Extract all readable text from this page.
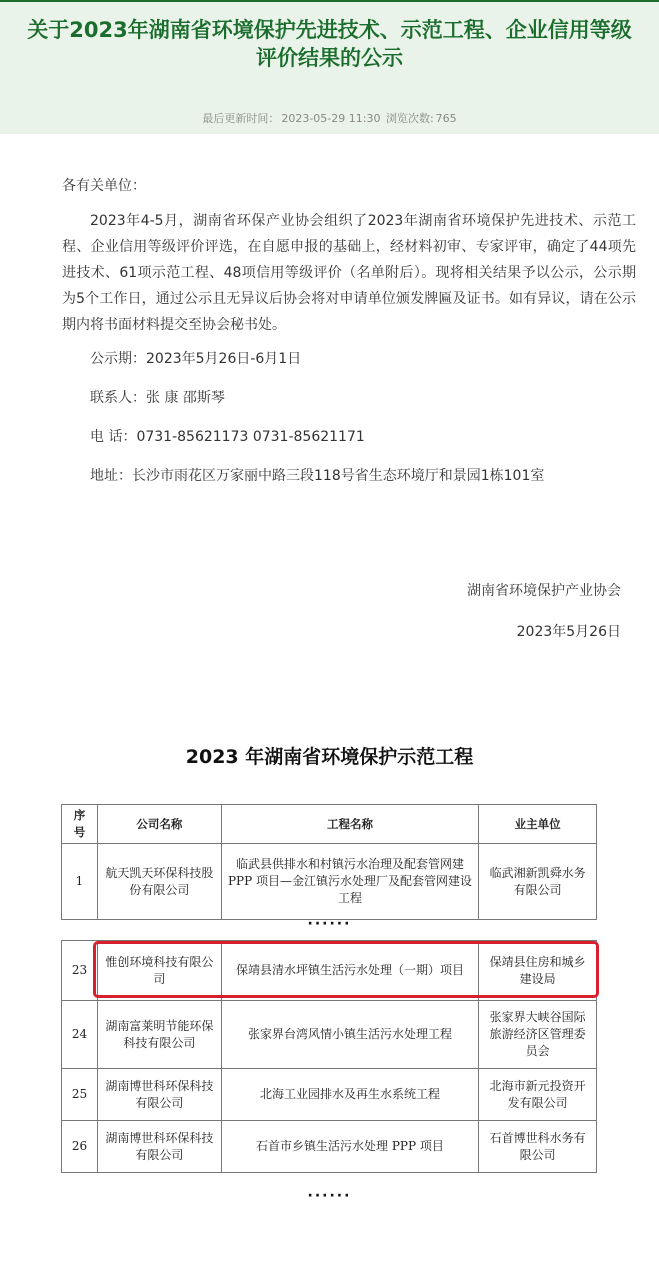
关于2023年湖南省环境保护先进技术、示范工程、企业信用等级评价结果的公示
最后更新时间： 2023-05-29 11:30 浏览次数: 765

各有关单位：

2023年4-5月，湖南省环保产业协会组织了2023年湖南省环境保护先进技术、示范工程、企业信用等级评价评选，在自愿申报的基础上，经材料初审、专家评审，确定了44项先进技术、61项示范工程、48项信用等级评价（名单附后）。现将相关结果予以公示，公示期为5个工作日，通过公示且无异议后协会将对申请单位颁发牌匾及证书。如有异议，请在公示期内将书面材料提交至协会秘书处。

公示期：2023年5月26日-6月1日

联系人：张 康 邵斯琴

电 话：0731-85621173 0731-85621171

地址：长沙市雨花区万家丽中路三段118号省生态环境厅和景园1栋101室

湖南省环境保护产业协会

2023年5月26日

2023 年湖南省环境保护示范工程
序号	公司名称	工程名称	业主单位
1	航天凯天环保科技股份有限公司	临武县供排水和村镇污水治理及配套管网建 PPP 项目—金江镇污水处理厂及配套管网建设工程	临武湘新凯舜水务有限公司
······
23	惟创环境科技有限公司	保靖县清水坪镇生活污水处理（一期）项目	保靖县住房和城乡建设局
24	湖南富莱明节能环保科技有限公司	张家界台湾风情小镇生活污水处理工程	张家界大峡谷国际旅游经济区管理委员会
25	湖南博世科环保科技有限公司	北海工业园排水及再生水系统工程	北海市新元投资开发有限公司
26	湖南博世科环保科技有限公司	石首市乡镇生活污水处理 PPP 项目	石首博世科水务有限公司
······
